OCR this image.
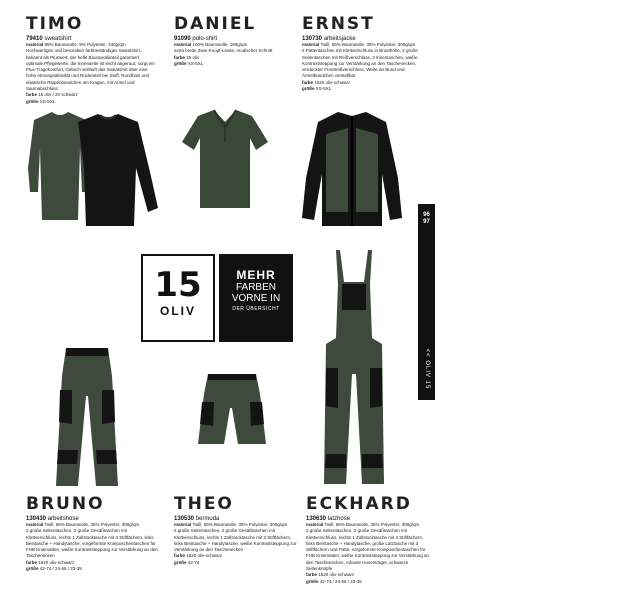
TIMO

79410 sweatshirt

material 95% Baumwolle, 5% Polyester, 340g/qm

Hochwertiges und besonders farbbeständiges Sweatshirt, bekannt als Pluswert, der helle Baumwollanteil garantiert optimale Pflegewerte, die Innenseite ist leicht angeraut, sorgt ein Plus-Tragekomfort, Gebsch verläuft das Sweatshirt über eine hohe Atmungsaktivität und Rückenteil bei Stoff, Rundhals und elastische Rippenbündchen am Kragen, mit Armel und Saumabschluss

farbe 15 oliv / 20 schwarz

größe XS-5XL

DANIEL

91090 polo-shirt

material 100% Baumwolle, 180g/qm

extra breite Zwei-Knopf-Leiste, modischer Schnitt

farbe 15 oliv

größe XS-5XL

ERNST

130730 arbeitsjacke

material Twill, 65% Baumwolle, 35% Polyester, 300g/qm

2 Pattentaschen mit Klettverschluss in Brusthöhe, 2 große Seitentaschen mit Reißverschluss, 2 Innentaschen, weiße Kontraststeppung zur Verstärkung an den Taschenecken, verdeckter Frontreißverschluss, Weite an Bund und Ärmelbündchen verstellbar

farbe 1520 oliv-schwarz

größe XS-5XL

15
OLIV
MEHR
FARBEN
VORNE IN
DER ÜBERSICHT
96
97
<< OLIV 15

BRUNO

130430 arbeitshose

material Twill, 65% Baumwolle, 35% Polyester, 300g/qm

2 große Seitentaschen, 2 große Gesäßtaschen mit Klettverschluss, rechts 1 Zollstocktasche mit 3 Stiftfächern, links Beintasche + Handytasche, vorgeformte Knieposchentaschen für FHB Kniematten, weiße Kontraststeppung zur Verstärkung an den Taschenecken

farbe 1520 oliv-schwarz

größe 42-74 / 24-56 / 23-35

THEO

130530 bermuda

material Twill, 65% Baumwolle, 35% Polyester, 300g/qm

2 große Seitentaschen, 2 große Gesäßtaschen mit Klettverschluss, rechts 1 Zollstocktasche mit 3 Stiftfächern, links Beintasche + Handytasche, weiße Kontraststeppung zur Verstärkung an den Taschenecken

farbe 1520 oliv-schwarz

größe 42-74

ECKHARD

130630 latzhose

material Twill, 65% Baumwolle, 35% Polyester, 300g/qm

2 große Seitentaschen, 2 große Gesäßtaschen mit Klettverschluss, rechts 1 Zollstocktasche mit 3 Stiftfächern, links Beintasche + Handytasche, große Latztasche mit 3 Stiftfächern und Patte, vorgeformte Knieposchentaschen für FHB Kniematten, weiße Kontraststeppung zur Verstärkung an den Taschenecken, robuste Hosenträger, schwarze Seitenknöpfe

farbe 1520 oliv-schwarz

größe 42-74 / 24-56 / 23-35
